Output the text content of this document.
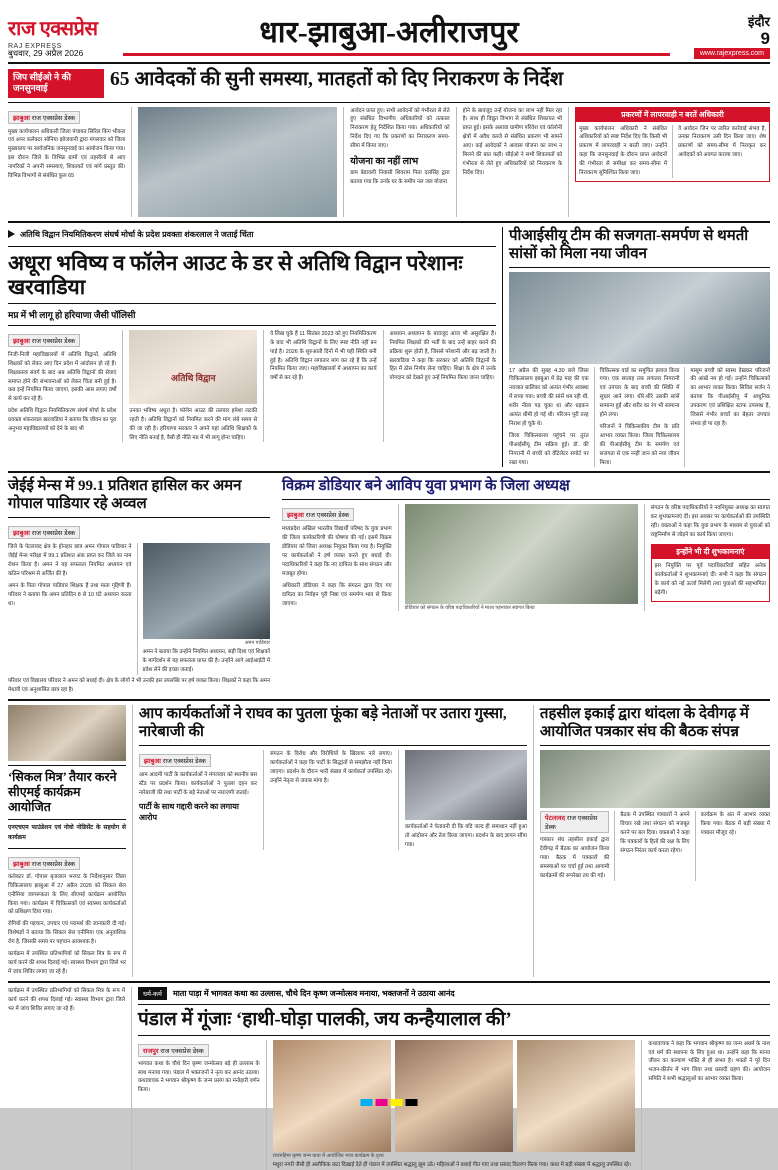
राज एक्सप्रेस
RAJ EXPRESS	धार-झाबुआ-अलीराजपुर	इंदौर
9
बुधवार, 29 अप्रैल 2026	www.rajexpress.com
जिप सीईओ ने की जनसुनवाई	65 आवेदकों की सुनी समस्या, मातहतों को दिए निराकरण के निर्देश
झाबुआ राज एक्सप्रेस डेस्क
मुख्य कार्यपालन अधिकारी जिला पंचायत सिरिल किंग भीकरा एवं अपर कलेक्टर सोनिया झोजवानी द्वारा मंगलवार को जिला मुख्यालय पर सार्वजनिक जनसुनवाई का आयोजन किया गया। इस दौरान जिले के विभिन्न ग्रामों एवं तहसीलों से आए नागरिकों ने अपनी समस्याएं, शिकायतें एवं मांगें प्रस्तुत कीं। विभिन्न विभागों से संबंधित कुल 65
आवेदन प्राप्त हुए। सभी आवेदनों को गंभीरता से लेते हुए संबंधित विभागीय अधिकारियों को तत्काल निराकरण हेतु निर्देशित किया गया। अधिकारियों को निर्देश दिए गए कि प्रकरणों का निराकरण समय-सीमा में किया जाए।
योजना का नहीं लाभ
ग्राम बेडावली निवासी शिवराम पिता दलसिंह द्वारा बताया गया कि उनके घर के समीप नल जल योजना
होने के बावजूद उन्हें योजना का लाभ नहीं मिल रहा है। साथ ही विद्युत विभाग से संबंधित शिकायत भी प्राप्त हुई। इसके अलावा ग्रामीण परिवेश एवं कॉलोनी क्षेत्रों में अवैध कब्जे से संबंधित प्रकरण भी सामने आए। कई आवेदकों ने आवास योजना का लाभ न मिलने की बात कही। सीईओ ने सभी शिकायतों को गंभीरता से लेते हुए अधिकारियों को निराकरण के निर्देश दिए।
प्रकरणों में लापरवाही न बरतें अधिकारी
मुख्य कार्यपालन अधिकारी ने संबंधित अधिकारियों को स्पष्ट निर्देश दिए कि किसी भी प्रकरण में लापरवाही न बरती जाए। उन्होंने कहा कि जनसुनवाई के दौरान प्राप्त आवेदनों की गंभीरता से समीक्षा कर समय-सीमा में निराकरण सुनिश्चित किया जाए।
वे आवेदन जिन पर त्वरित कार्रवाई संभव है, उनका निराकरण उसी दिन किया जाए। शेष प्रकरणों को समय-सीमा में निराकृत कर आवेदकों को अवगत कराया जाए।
अतिथि विद्वान नियमितिकरण संघर्ष मोर्चा के प्रदेश प्रवक्ता शंकरलाल ने जताई चिंता
अधूरा भविष्य व फॉलेन आउट के डर से अतिथि विद्वान परेशानः खरवाडिया
मप्र में भी लागू हो हरियाणा जैसी पॉलिसी
झाबुआ राज एक्सप्रेस डेस्क
निजी-निजी महाविद्यालयों में अतिथि विद्वानों, अतिथि शिक्षकों को लेकर आए दिन प्रदेश में आंदोलन हो रहे हैं। शिक्षकसत्र संवर्ग के बाद अब अतिथि विद्वानों की सेवाएं समाप्त होने की संभावनाओं को लेकर चिंता बनी हुई है। कब इन्हें नियमित किया जाएगा, इसकी आस लगाए वर्षों से कार्य कर रहे हैं।
प्रदेश अतिथि विद्वान नियमितिकरण संघर्ष मोर्चा के प्रदेश प्रवक्ता शंकरलाल खरवाडिया ने बताया कि जीवन का पूरा अनुभव महाविद्यालयों को देने के बाद भी
अतिथि विद्वान
उनका भविष्य अधूरा है। फॉलेन आउट की तलवार हमेशा लटकी रहती है। अतिथि विद्वानों को नियमित करने की मांग लंबे समय से की जा रही है। हरियाणा सरकार ने अपने यहां अतिथि शिक्षकों के लिए नीति बनाई है, वैसी ही नीति मप्र में भी लागू होना चाहिए।
वे लिख चुके हैं 11 सितंबर 2023 को हुए नियमितिकरण के बाद भी अतिथि विद्वानों के लिए स्पष्ट नीति नहीं बन पाई है। 2026 के शुरुआती दिनों में भी यही स्थिति बनी हुई है। अतिथि विद्वान लगातार मांग कर रहे हैं कि उन्हें नियमित किया जाए। महाविद्यालयों में अध्यापन का कार्य वर्षों से कर रहे हैं।
अध्ययन अध्यापन के बावजूद आज भी असुरक्षित हैं। नियमित शिक्षकों की भर्ती के बाद उन्हें बाहर करने की प्रक्रिया शुरू होती है, जिससे परेशानी और बढ़ जाती है। खरवाडिया ने कहा कि सरकार को अतिथि विद्वानों के हित में ठोस निर्णय लेना चाहिए। शिक्षा के क्षेत्र में उनके योगदान को देखते हुए उन्हें नियमित किया जाना चाहिए।
पीआईसीयू टीम की सजगता-समर्पण से थमती सांसों को मिला नया जीवन
17 अप्रैल की सुबह 4.30 बजे जिला चिकित्सालय झाबुआ में डेढ़ माह की एक नवजात बालिका को अत्यंत गंभीर अवस्था में लाया गया। बच्ची की सांसें थम रही थीं, शरीर नीला पड़ चुका था और धड़कन अत्यंत धीमी हो गई थी। परिजन पूरी तरह निराश हो चुके थे।
जिला चिकित्सालय पहुंचने पर तुरंत पीआईसीयू टीम सक्रिय हुई। डॉ. की निगरानी में बच्ची को वेंटिलेटर सपोर्ट पर रखा गया।
चिकित्सक वार्ड का समुचित इलाज किया गया। एक सप्ताह तक लगातार निगरानी एवं उपचार के बाद बच्ची की स्थिति में सुधार आने लगा। धीरे-धीरे उसकी सांसें सामान्य हुईं और शरीर का रंग भी सामान्य होने लगा।
परिजनों ने चिकित्सकीय टीम के प्रति आभार व्यक्त किया। जिला चिकित्सालय की पीआईसीयू टीम के समर्पण एवं सजगता से एक नन्हीं जान को नया जीवन मिला।
मासूम बच्ची को स्वस्थ देखकर परिजनों की आंखें नम हो गईं। उन्होंने चिकित्सकों का आभार व्यक्त किया। सिविल सर्जन ने बताया कि पीआईसीयू में आधुनिक उपकरण एवं प्रशिक्षित स्टाफ उपलब्ध है, जिससे गंभीर बच्चों का बेहतर उपचार संभव हो पा रहा है।
जेईई मेन्स में 99.1 प्रतिशत हासिल कर अमन गोपाल पाडियार रहे अव्वल
झाबुआ राज एक्सप्रेस डेस्क
जिले के पेटलावद क्षेत्र के होनहार छात्र अमन गोपाल पाडियार ने जेईई मेन्स परीक्षा में 99.1 प्रतिशत अंक प्राप्त कर जिले का नाम रोशन किया है। अमन ने यह सफलता नियमित अध्ययन एवं कठिन परिश्रम से अर्जित की है।
अमन के पिता गोपाल पाडियार शिक्षक हैं तथा माता गृहिणी हैं। परिवार ने बताया कि अमन प्रतिदिन 8 से 10 घंटे अध्ययन करता था।
अमन पाडियार
अमन ने बताया कि उन्होंने नियमित अध्ययन, सही दिशा एवं शिक्षकों के मार्गदर्शन से यह सफलता प्राप्त की है। उन्होंने आगे आईआईटी में प्रवेश लेने की इच्छा जताई।
परिवार एवं विद्यालय परिवार ने अमन को बधाई दी। क्षेत्र के लोगों ने भी उनकी इस उपलब्धि पर हर्ष व्यक्त किया। शिक्षकों ने कहा कि अमन मेधावी एवं अनुशासित छात्र रहा है।
विक्रम डोडियार बने आविप युवा प्रभाग के जिला अध्यक्ष
झाबुआ राज एक्सप्रेस डेस्क
मध्यप्रदेश अखिल भारतीय विद्यार्थी परिषद के युवा प्रभाग की जिला कार्यकारिणी की घोषणा की गई। इसमें विक्रम डोडियार को जिला अध्यक्ष नियुक्त किया गया है। नियुक्ति पर कार्यकर्ताओं ने हर्ष व्यक्त करते हुए बधाई दी। पदाधिकारियों ने कहा कि नए दायित्व के साथ संगठन और मजबूत होगा।
अधिकारी डोडियार ने कहा कि संगठन द्वारा दिए गए दायित्व का निर्वहन पूरी निष्ठा एवं समर्पण भाव से किया जाएगा।
डोडियार को संगठन के वरिष्ठ पदाधिकारियों ने माला पहनाकर स्वागत किया
संगठन के वरिष्ठ पदाधिकारियों ने नवनियुक्त अध्यक्ष का स्वागत कर शुभकामनाएं दीं। इस अवसर पर कार्यकर्ताओं की उपस्थिति रही। वक्ताओं ने कहा कि युवा प्रभाग के माध्यम से युवाओं को राष्ट्रनिर्माण से जोड़ने का कार्य किया जाएगा।
इन्होंने भी दी शुभकामनाएं
इस नियुक्ति पर पूर्व पदाधिकारियों सहित अनेक कार्यकर्ताओं ने शुभकामनाएं दीं। सभी ने कहा कि संगठन के कार्य को नई ऊर्जा मिलेगी तथा युवाओं की सहभागिता बढ़ेगी।
‘सिकल मित्र’ तैयार करने सीएमई कार्यक्रम आयोजित
एनएचएम फाउंडेशन एवं नोवो नोडिसेंट के सहयोग से कार्यक्रम
झाबुआ राज एक्सप्रेस डेस्क
कलेक्टर डॉ. गोपाल बृजलाल भरगट के निर्देशानुसार जिला चिकित्सालय झाबुआ में 27 अप्रैल 2026 को सिकल सेल एनीमिया जागरूकता के लिए सीएमई कार्यक्रम आयोजित किया गया। कार्यक्रम में चिकित्सकों एवं स्वास्थ्य कार्यकर्ताओं को प्रशिक्षण दिया गया।
रोगियों की पहचान, उपचार एवं परामर्श की जानकारी दी गई। विशेषज्ञों ने बताया कि सिकल सेल एनीमिया एक अनुवांशिक रोग है, जिसकी समय पर पहचान आवश्यक है।
कार्यक्रम में उपस्थित प्रतिभागियों को सिकल मित्र के रूप में कार्य करने की शपथ दिलाई गई। स्वास्थ्य विभाग द्वारा जिले भर में जांच शिविर लगाए जा रहे हैं।
आप कार्यकर्ताओं ने राघव का पुतला फूंका बड़े नेताओं पर उतारा गुस्सा, नारेबाजी की
झाबुआ राज एक्सप्रेस डेस्क
आम आदमी पार्टी के कार्यकर्ताओं ने मंगलवार को स्थानीय बस स्टैंड पर प्रदर्शन किया। कार्यकर्ताओं ने पुतला दहन कर नारेबाजी की तथा पार्टी के बड़े नेताओं पर नाराजगी जताई।
पार्टी के साथ गद्दारी करने का लगाया आरोप
संगठन के विरोध और विरोधियों के खिलाफ नारे लगाए। कार्यकर्ताओं ने कहा कि पार्टी के सिद्धांतों से समझौता नहीं किया जाएगा। प्रदर्शन के दौरान भारी संख्या में कार्यकर्ता उपस्थित रहे। उन्होंने नेतृत्व से जवाब मांगा है।
कार्यकर्ताओं ने चेतावनी दी कि यदि जल्द ही समाधान नहीं हुआ तो आंदोलन और तेज किया जाएगा। प्रदर्शन के बाद ज्ञापन सौंपा गया।
तहसील इकाई द्वारा थांदला के देवीगढ़ में आयोजित पत्रकार संघ की बैठक संपन्न
पेटलावद राज एक्सप्रेस डेस्क
पत्रकार संघ तहसील इकाई द्वारा देवीगढ़ में बैठक का आयोजन किया गया। बैठक में पत्रकारों की समस्याओं पर चर्चा हुई तथा आगामी कार्यक्रमों की रूपरेखा तय की गई।
बैठक में उपस्थित पत्रकारों ने अपने विचार रखे तथा संगठन को मजबूत करने पर बल दिया। वक्ताओं ने कहा कि पत्रकारों के हितों की रक्षा के लिए संगठन निरंतर कार्य करता रहेगा।
कार्यक्रम के अंत में आभार व्यक्त किया गया। बैठक में बड़ी संख्या में पत्रकार मौजूद रहे।
कार्यक्रम में उपस्थित प्रतिभागियों को सिकल मित्र के रूप में कार्य करने की शपथ दिलाई गई। स्वास्थ्य विभाग द्वारा जिले भर में जांच शिविर लगाए जा रहे हैं।
धर्म-कर्म	माता पाड़ा में भागवत कथा का उल्लास, चौथे दिन कृष्ण जन्मोत्सव मनाया, भक्तजनों ने उठाया आनंद
पंडाल में गूंजाः ‘हाथी-घोड़ा पालकी, जय कन्हैयालाल की’
राजपुर राज एक्सप्रेस डेस्क
भागवत कथा के चौथे दिन कृष्ण जन्मोत्सव बड़े ही उल्लास के साथ मनाया गया। पंडाल में भक्तजनों ने नृत्य कर आनंद उठाया। कथावाचक ने भगवान श्रीकृष्ण के जन्म प्रसंग का मनोहारी वर्णन किया।
राजमहिमा कृष्ण जन्म कथा में आयोजित भव्य कार्यक्रम के दृश्य
मथुरा नगरी जैसी ही अलौकिक छटा दिखाई देते ही पंडाल में उपस्थित श्रद्धालु झूम उठे। महिलाओं ने बधाई गीत गाए तथा प्रसाद वितरण किया गया। कथा में बड़ी संख्या में श्रद्धालु उपस्थित रहे।
कथावाचक ने कहा कि भगवान श्रीकृष्ण का जन्म अधर्म के नाश एवं धर्म की स्थापना के लिए हुआ था। उन्होंने कहा कि मानव जीवन का कल्याण भक्ति से ही संभव है। भक्तों ने पूरे दिन भजन-कीर्तन में भाग लिया तथा प्रसादी ग्रहण की। आयोजन समिति ने सभी श्रद्धालुओं का आभार व्यक्त किया।
